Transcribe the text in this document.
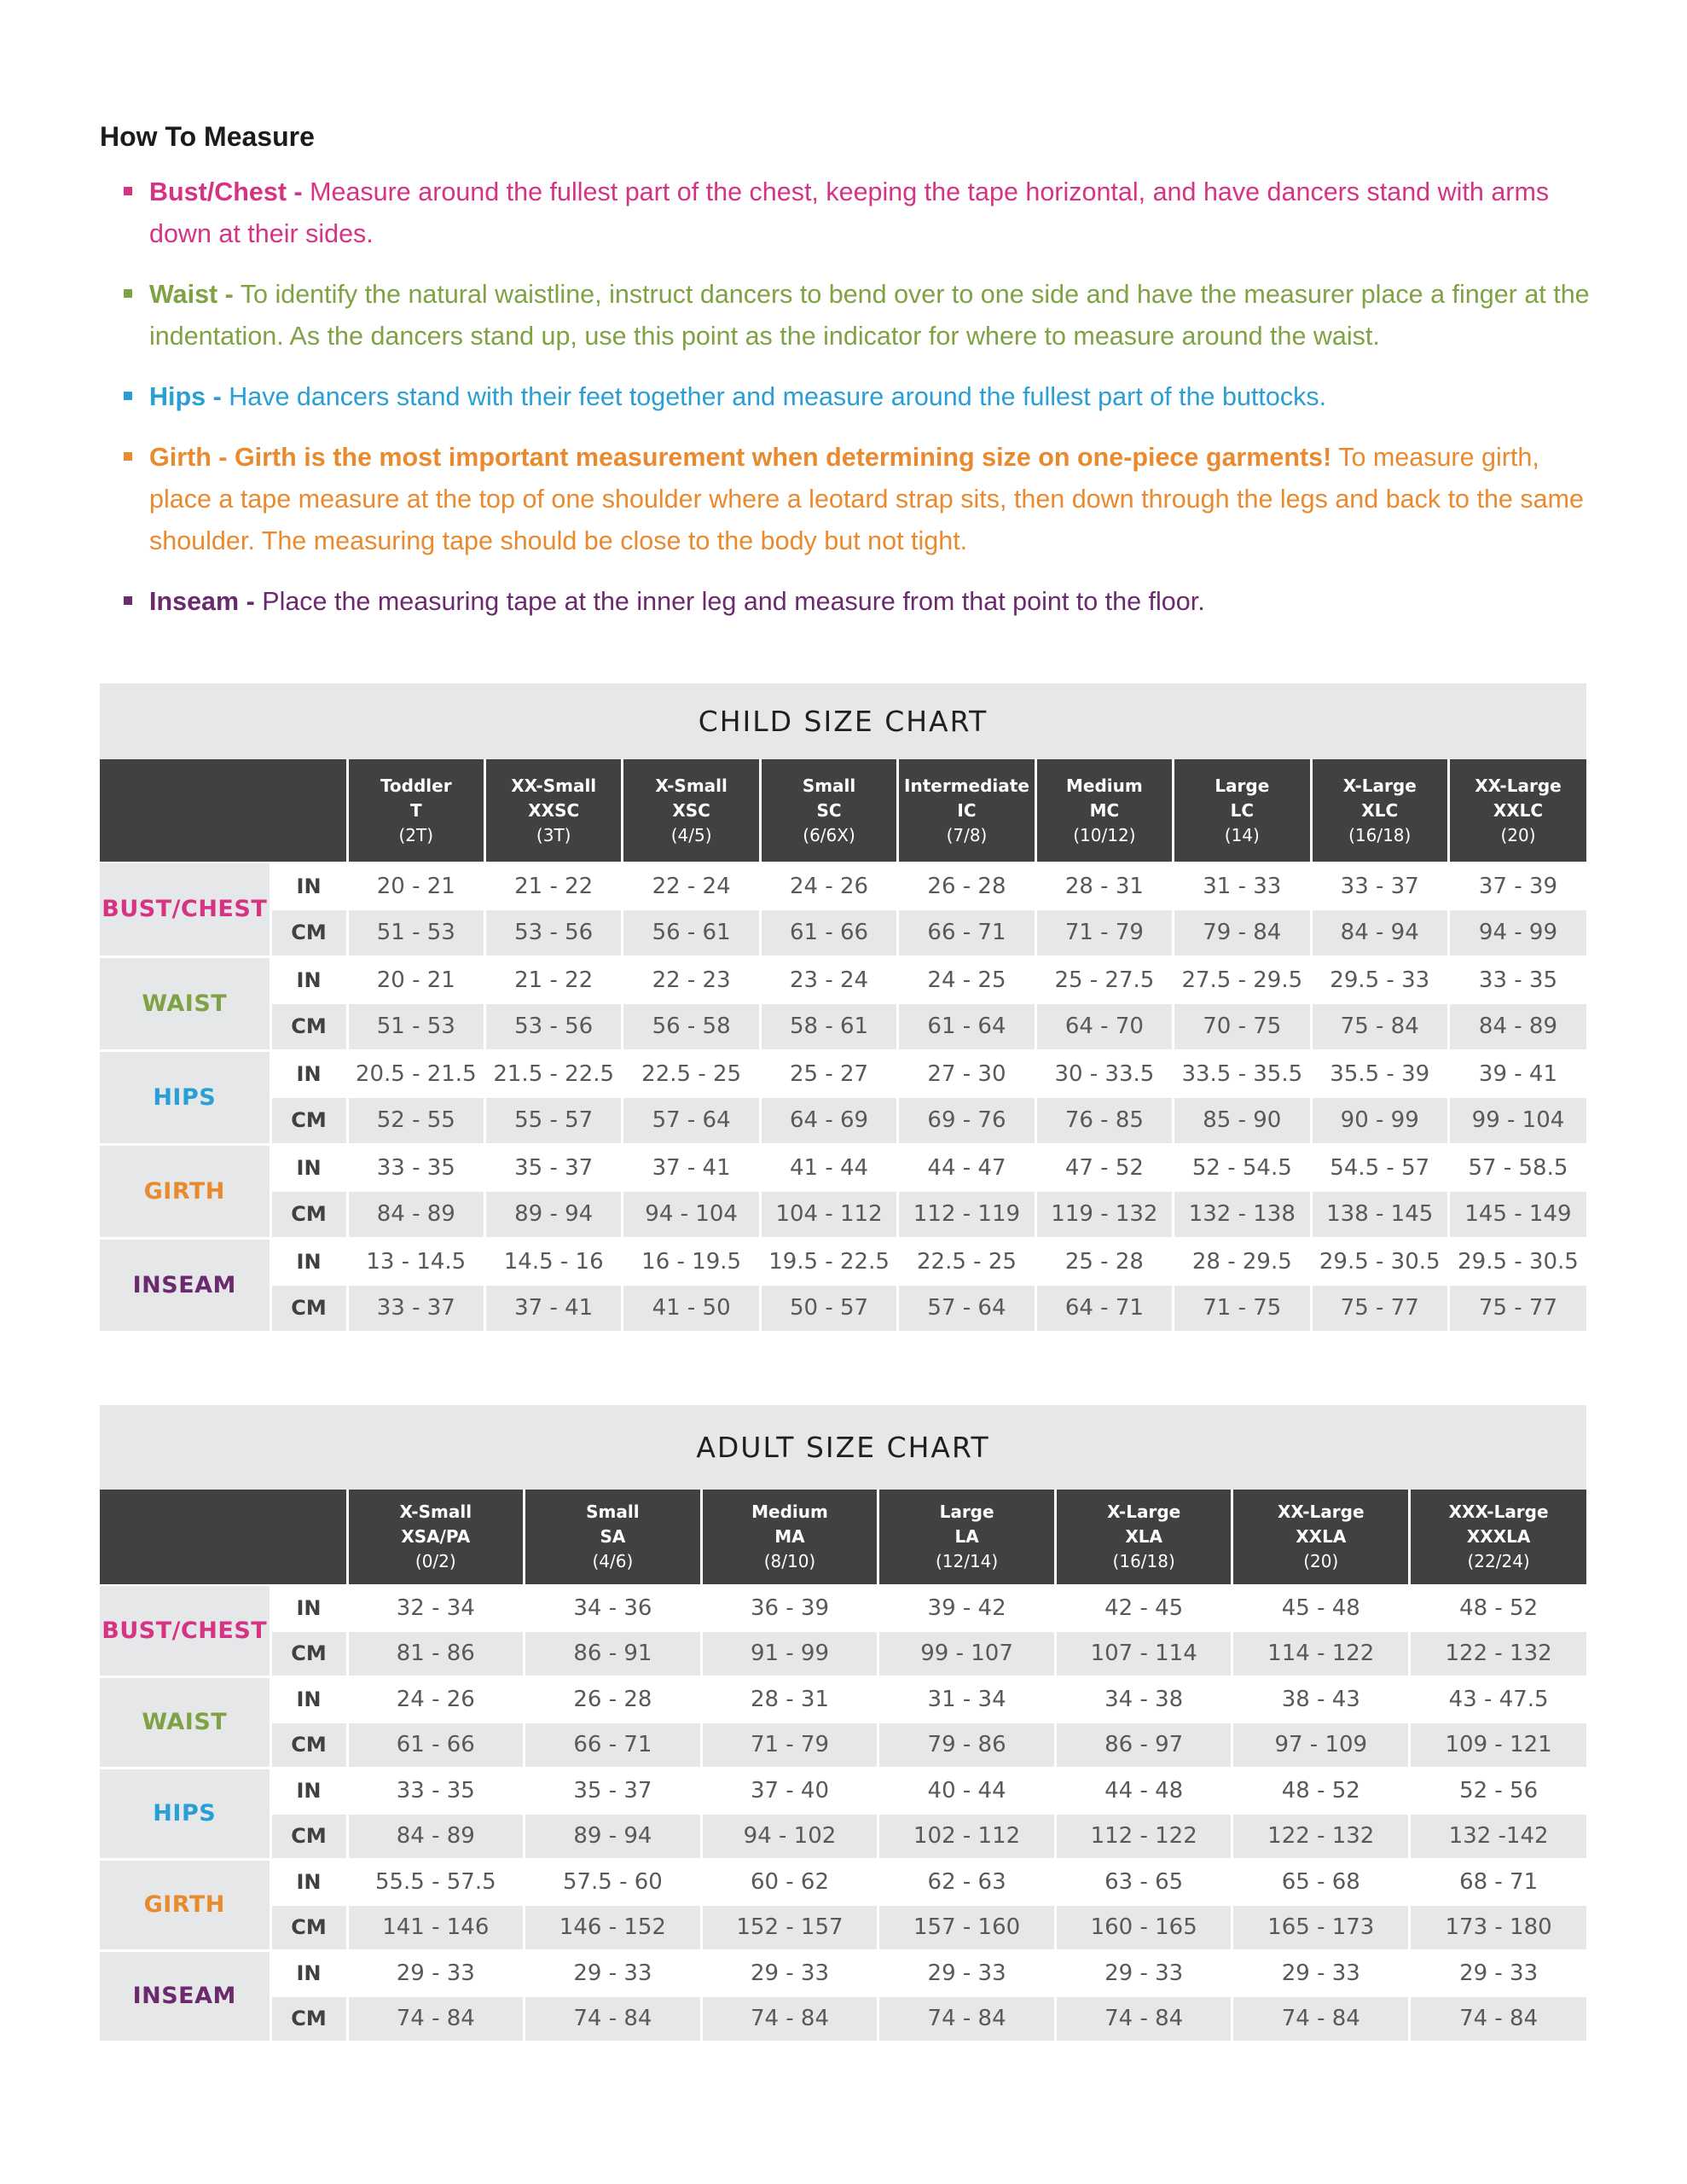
How To Measure
Bust/Chest - Measure around the fullest part of the chest, keeping the tape horizontal, and have dancers stand with arms down at their sides.
Waist - To identify the natural waistline, instruct dancers to bend over to one side and have the measurer place a finger at the indentation. As the dancers stand up, use this point as the indicator for where to measure around the waist.
Hips - Have dancers stand with their feet together and measure around the fullest part of the buttocks.
Girth - Girth is the most important measurement when determining size on one-piece garments! To measure girth, place a tape measure at the top of one shoulder where a leotard strap sits, then down through the legs and back to the same shoulder. The measuring tape should be close to the body but not tight.
Inseam - Place the measuring tape at the inner leg and measure from that point to the floor.
CHILD SIZE CHART

		Toddler
T
(2T)	XX-Small
XXSC
(3T)	X-Small
XSC
(4/5)	Small
SC
(6/6X)	Intermediate
IC
(7/8)	Medium
MC
(10/12)	Large
LC
(14)	X-Large
XLC
(16/18)	XX-Large
XXLC
(20)

BUST/CHEST	IN	20 - 21	21 - 22	22 - 24	24 - 26	26 - 28	28 - 31	31 - 33	33 - 37	37 - 39
	CM	51 - 53	53 - 56	56 - 61	61 - 66	66 - 71	71 - 79	79 - 84	84 - 94	94 - 99
WAIST	IN	20 - 21	21 - 22	22 - 23	23 - 24	24 - 25	25 - 27.5	27.5 - 29.5	29.5 - 33	33 - 35
	CM	51 - 53	53 - 56	56 - 58	58 - 61	61 - 64	64 - 70	70 - 75	75 - 84	84 - 89
HIPS	IN	20.5 - 21.5	21.5 - 22.5	22.5 - 25	25 - 27	27 - 30	30 - 33.5	33.5 - 35.5	35.5 - 39	39 - 41
	CM	52 - 55	55 - 57	57 - 64	64 - 69	69 - 76	76 - 85	85 - 90	90 - 99	99 - 104
GIRTH	IN	33 - 35	35 - 37	37 - 41	41 - 44	44 - 47	47 - 52	52 - 54.5	54.5 - 57	57 - 58.5
	CM	84 - 89	89 - 94	94 - 104	104 - 112	112 - 119	119 - 132	132 - 138	138 - 145	145 - 149
INSEAM	IN	13 - 14.5	14.5 - 16	16 - 19.5	19.5 - 22.5	22.5 - 25	25 - 28	28 - 29.5	29.5 - 30.5	29.5 - 30.5
	CM	33 - 37	37 - 41	41 - 50	50 - 57	57 - 64	64 - 71	71 - 75	75 - 77	75 - 77
ADULT SIZE CHART

		X-Small
XSA/PA
(0/2)	Small
SA
(4/6)	Medium
MA
(8/10)	Large
LA
(12/14)	X-Large
XLA
(16/18)	XX-Large
XXLA
(20)	XXX-Large
XXXLA
(22/24)

BUST/CHEST	IN	32 - 34	34 - 36	36 - 39	39 - 42	42 - 45	45 - 48	48 - 52
	CM	81 - 86	86 - 91	91 - 99	99 - 107	107 - 114	114 - 122	122 - 132
WAIST	IN	24 - 26	26 - 28	28 - 31	31 - 34	34 - 38	38 - 43	43 - 47.5
	CM	61 - 66	66 - 71	71 - 79	79 - 86	86 - 97	97 - 109	109 - 121
HIPS	IN	33 - 35	35 - 37	37 - 40	40 - 44	44 - 48	48 - 52	52 - 56
	CM	84 - 89	89 - 94	94 - 102	102 - 112	112 - 122	122 - 132	132 -142
GIRTH	IN	55.5 - 57.5	57.5 - 60	60 - 62	62 - 63	63 - 65	65 - 68	68 - 71
	CM	141 - 146	146 - 152	152 - 157	157 - 160	160 - 165	165 - 173	173 - 180
INSEAM	IN	29 - 33	29 - 33	29 - 33	29 - 33	29 - 33	29 - 33	29 - 33
	CM	74 - 84	74 - 84	74 - 84	74 - 84	74 - 84	74 - 84	74 - 84
